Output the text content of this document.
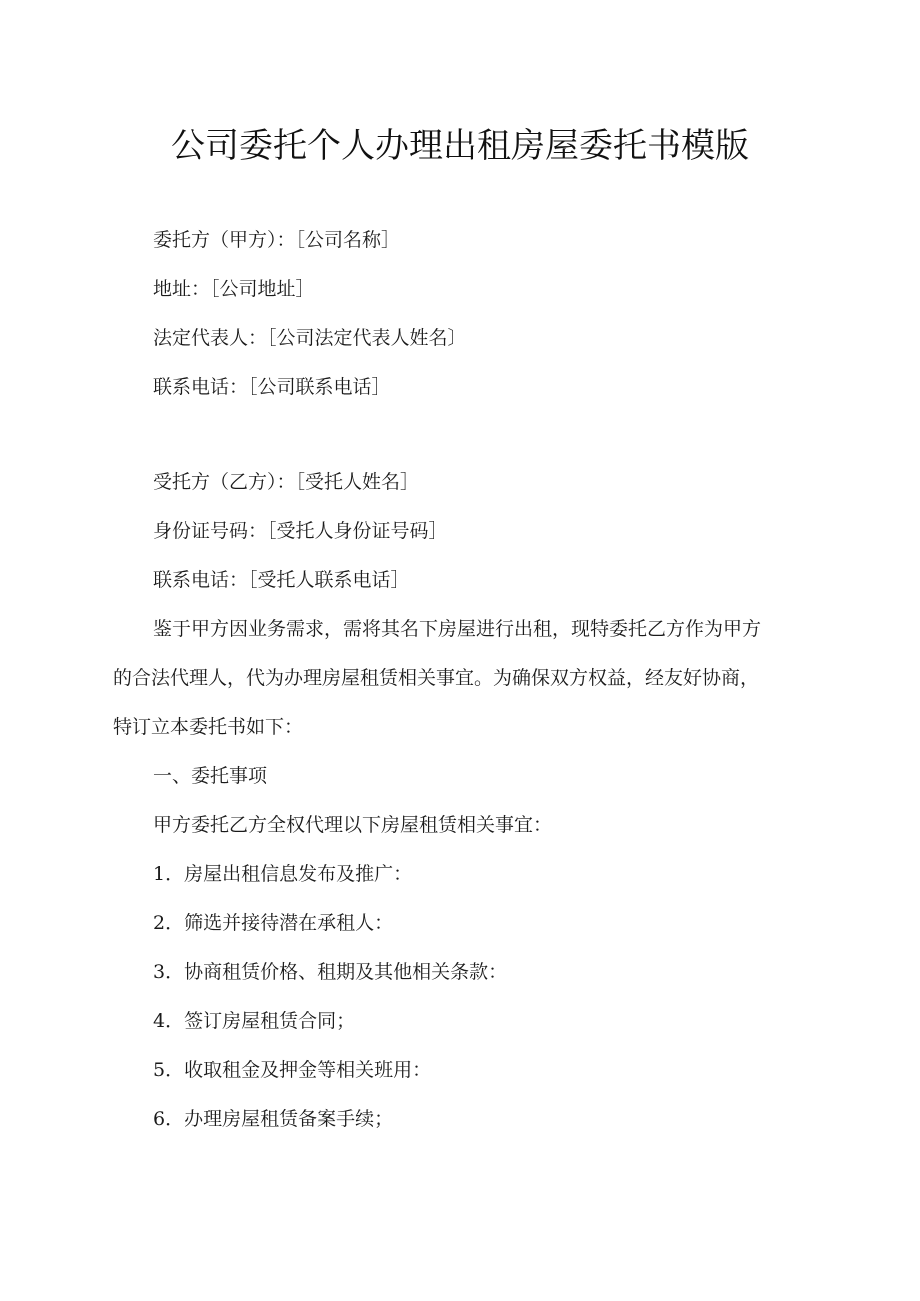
公司委托个人办理出租房屋委托书模版

委托方（甲方）：［公司名称］

地址：［公司地址］

法定代表人：［公司法定代表人姓名〕

联系电话：［公司联系电话］

受托方（乙方）：［受托人姓名］

身份证号码：［受托人身份证号码］

联系电话：［受托人联系电话］

鉴于甲方因业务需求，需将其名下房屋进行出租，现特委托乙方作为甲方

的合法代理人，代为办理房屋租赁相关事宜。为确保双方权益，经友好协商，

特订立本委托书如下：

一、委托事项

甲方委托乙方全权代理以下房屋租赁相关事宜：

1．房屋出租信息发布及推广：

2．筛选并接待潜在承租人：

3．协商租赁价格、租期及其他相关条款：

4．签订房屋租赁合同；

5．收取租金及押金等相关班用：

6．办理房屋租赁备案手续；
